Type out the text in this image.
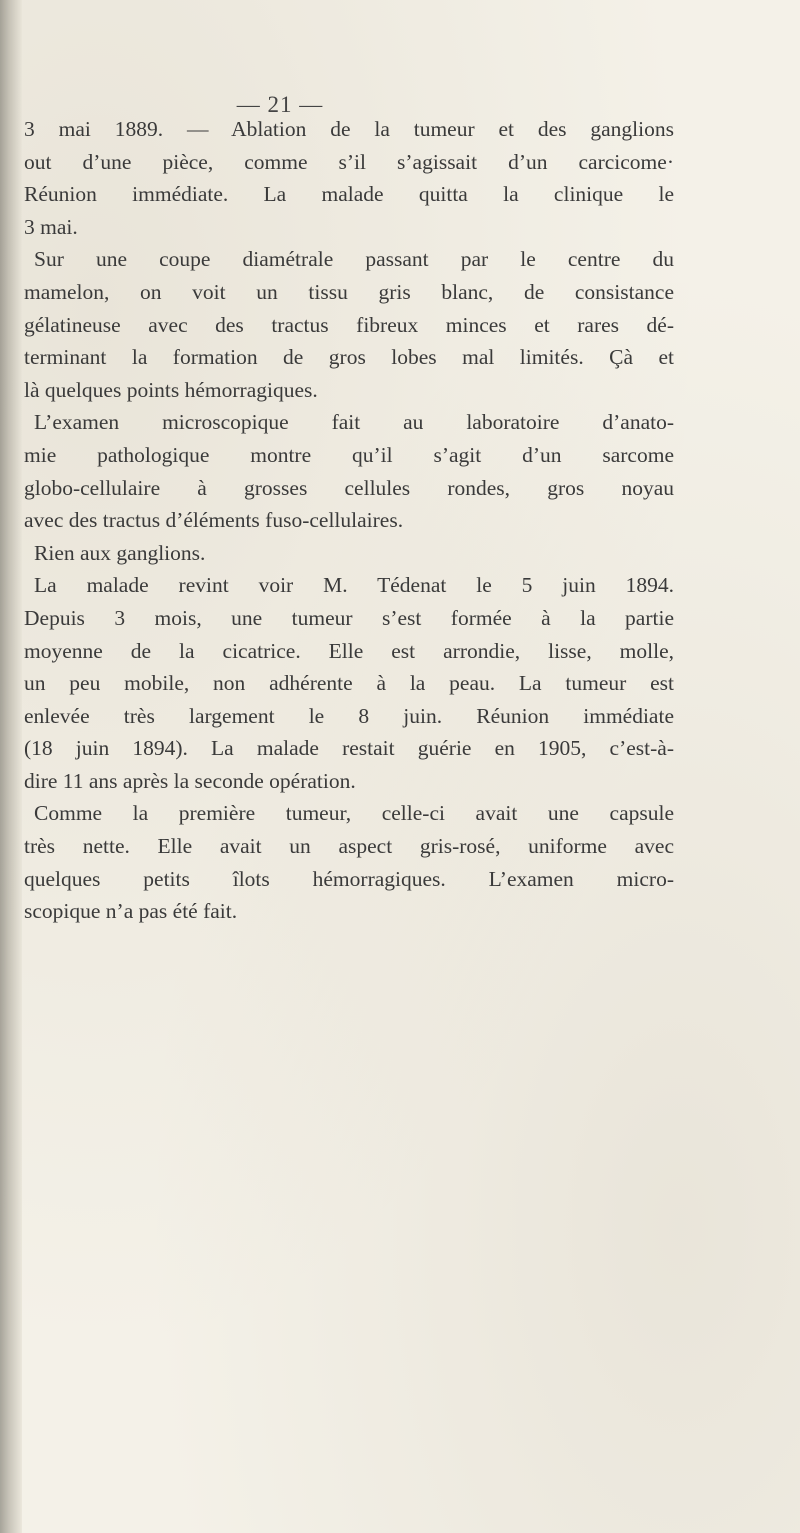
— 21 —
3 mai 1889. — Ablation de la tumeur et des ganglions
out d’une pièce, comme s’il s’agissait d’un carcicome·
Réunion immédiate. La malade quitta la clinique le
3 mai.
Sur une coupe diamétrale passant par le centre du
mamelon, on voit un tissu gris blanc, de consistance
gélatineuse avec des tractus fibreux minces et rares dé-
terminant la formation de gros lobes mal limités. Çà et
là quelques points hémorragiques.
L’examen microscopique fait au laboratoire d’anato-
mie pathologique montre qu’il s’agit d’un sarcome
globo-cellulaire à grosses cellules rondes, gros noyau
avec des tractus d’éléments fuso-cellulaires.
Rien aux ganglions.
La malade revint voir M. Tédenat le 5 juin 1894.
Depuis 3 mois, une tumeur s’est formée à la partie
moyenne de la cicatrice. Elle est arrondie, lisse, molle,
un peu mobile, non adhérente à la peau. La tumeur est
enlevée très largement le 8 juin. Réunion immédiate
(18 juin 1894). La malade restait guérie en 1905, c’est-à-
dire 11 ans après la seconde opération.
Comme la première tumeur, celle-ci avait une capsule
très nette. Elle avait un aspect gris-rosé, uniforme avec
quelques petits îlots hémorragiques. L’examen micro-
scopique n’a pas été fait.
